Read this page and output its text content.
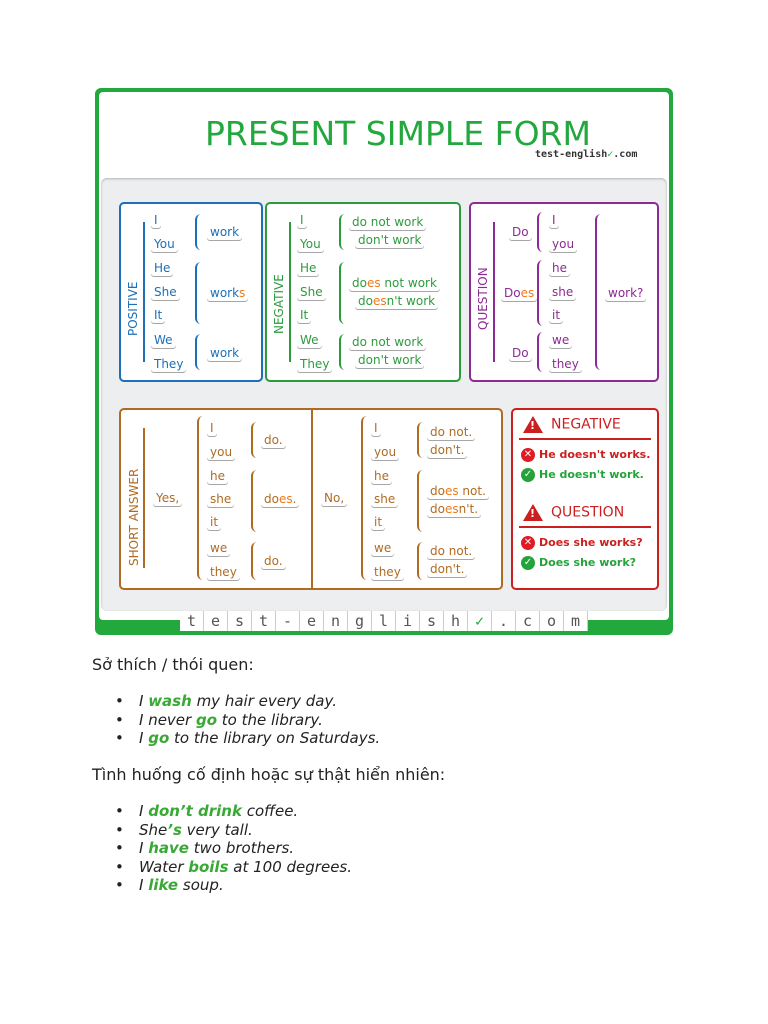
PRESENT SIMPLE FORM
test-english✓.com
POSITIVE
I
You
work
He
She
It
works
We
They
work
NEGATIVE
I
You
do not work
don't work
He
She
It
does not work
doesn't work
We
They
do not work
don't work
QUESTION
Do
I
you
Does
he
she
it
Do
we
they
work?
SHORT ANSWER Yes,
I
you
he
she
it
we
they
do.
does.
do.
No,
I
you
he
she
it
we
they
do not.
don't.
does not.
doesn't.
do not.
don't.
!NEGATIVE
✕ He doesn't works.
✓ He doesn't work.
!QUESTION
✕ Does she works?
✓ Does she work?
t e s t - e n g l i s h ✓ . c o m
Sở thích / thói quen:
• I wash my hair every day.
• I never go to the library.
• I go to the library on Saturdays.
Tình huống cố định hoặc sự thật hiển nhiên:
• I don’t drink coffee.
• She’s very tall.
• I have two brothers.
• Water boils at 100 degrees.
• I like soup.
